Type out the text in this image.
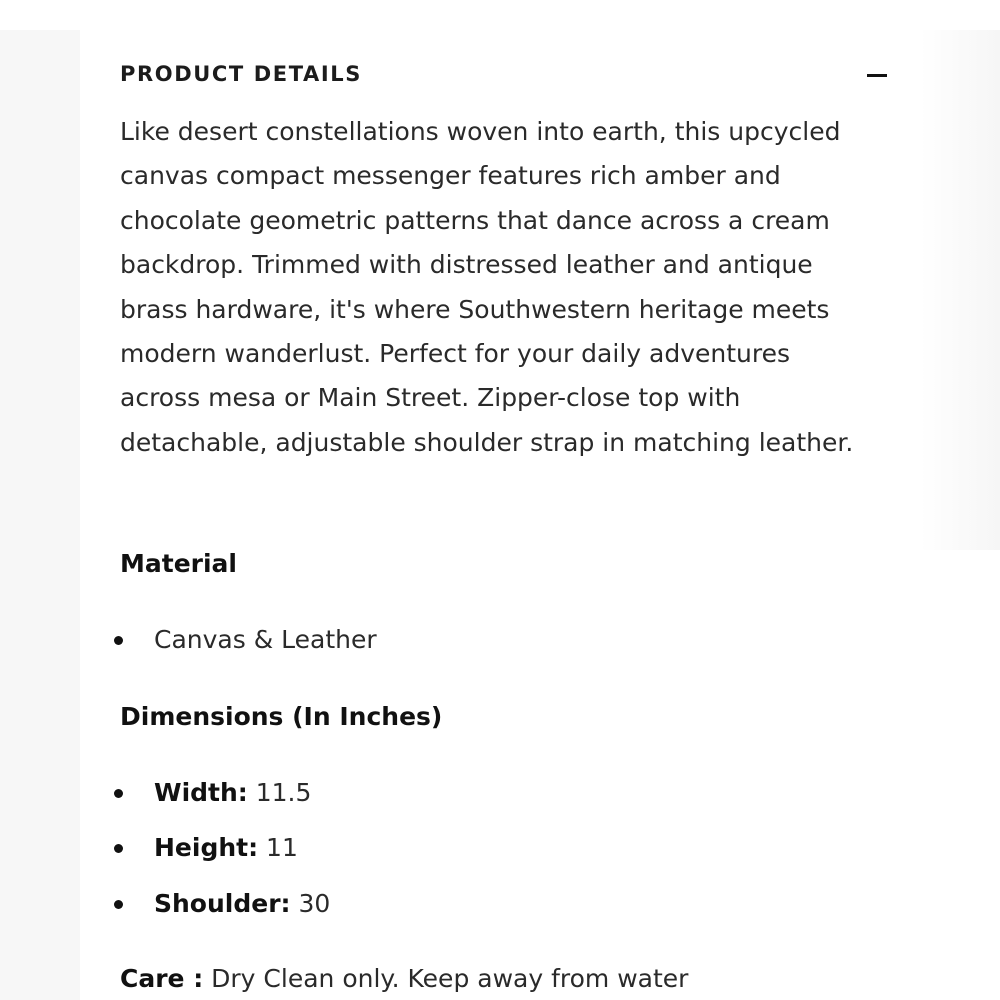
PRODUCT DETAILS

Like desert constellations woven into earth, this upcycled canvas compact messenger features rich amber and chocolate geometric patterns that dance across a cream backdrop. Trimmed with distressed leather and antique brass hardware, it's where Southwestern heritage meets modern wanderlust. Perfect for your daily adventures across mesa or Main Street. Zipper-close top with detachable, adjustable shoulder strap in matching leather.

Material
Canvas & Leather
Dimensions (In Inches)
Width: 11.5
Height: 11
Shoulder: 30
Care : Dry Clean only. Keep away from water
